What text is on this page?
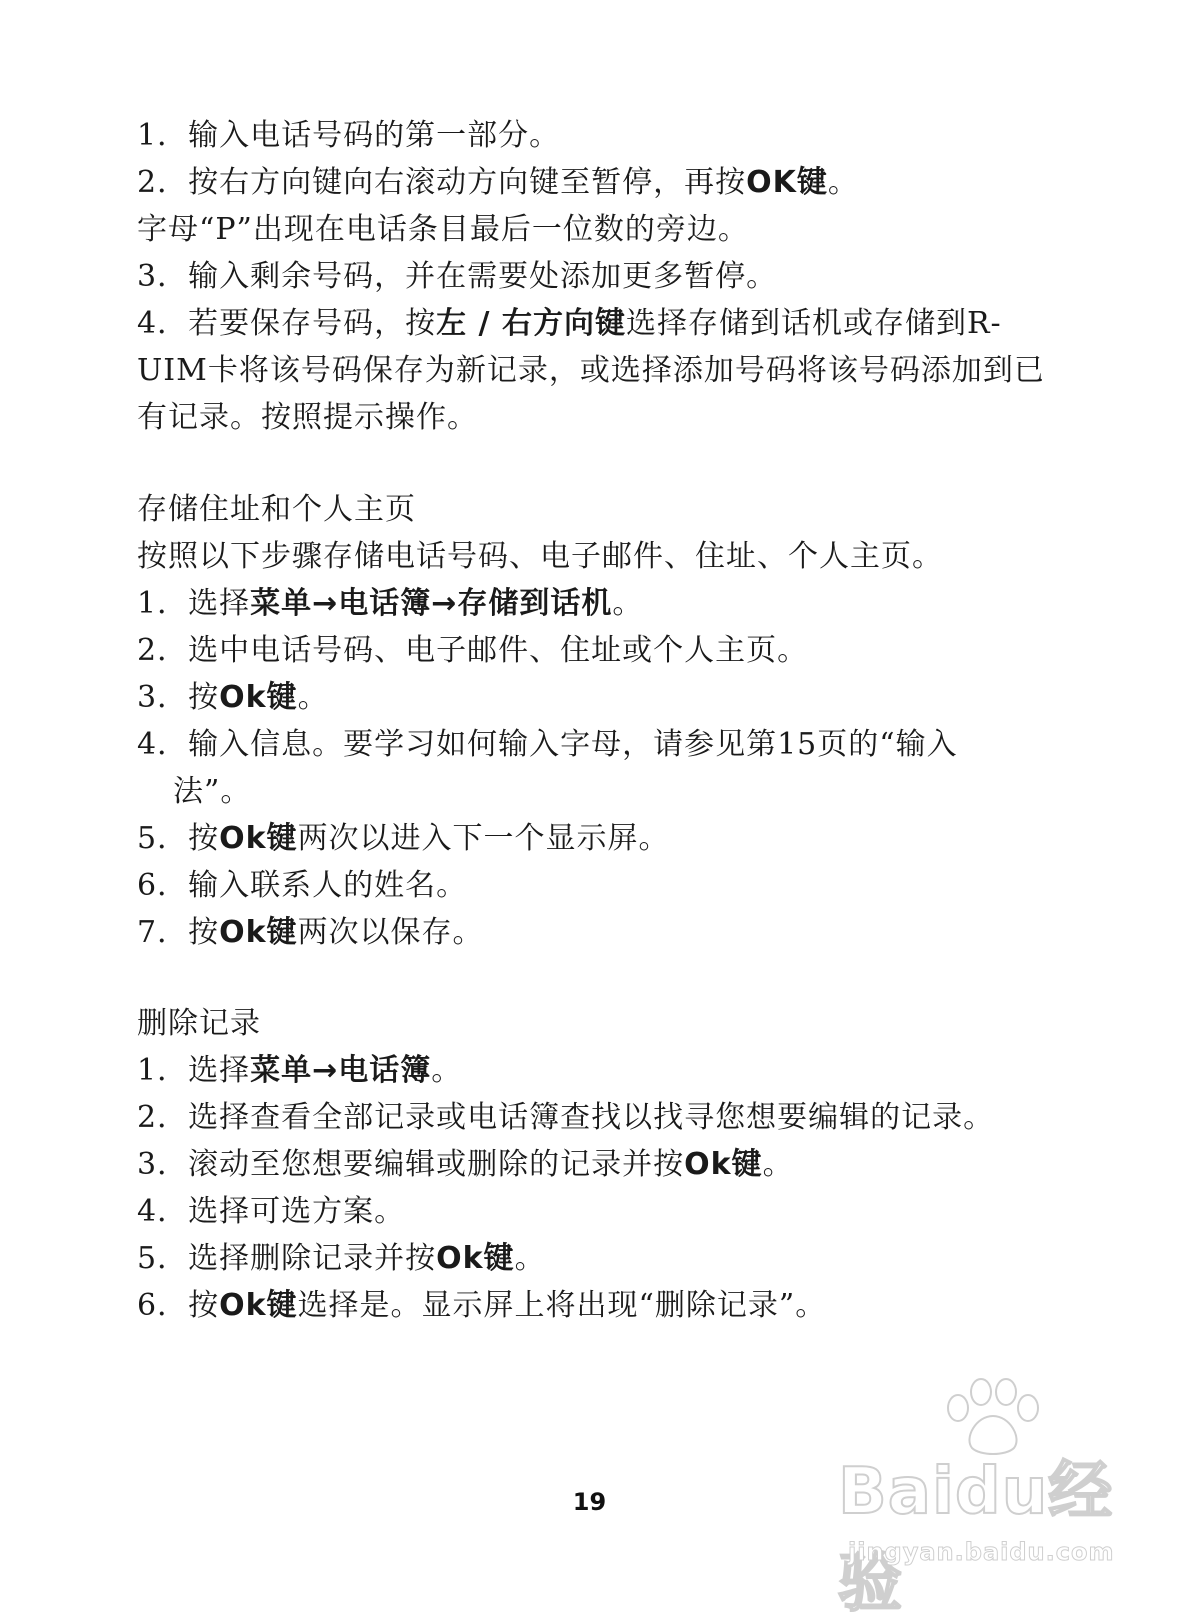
1．输入电话号码的第一部分。
2．按右方向键向右滚动方向键至暂停，再按OK键。
字母“P”出现在电话条目最后一位数的旁边。
3．输入剩余号码，并在需要处添加更多暂停。
4．若要保存号码，按左 / 右方向键选择存储到话机或存储到R-
UIM卡将该号码保存为新记录，或选择添加号码将该号码添加到已
有记录。按照提示操作。
存储住址和个人主页
按照以下步骤存储电话号码、电子邮件、住址、个人主页。
1．选择菜单→电话簿→存储到话机。
2．选中电话号码、电子邮件、住址或个人主页。
3．按Ok键。
4．输入信息。要学习如何输入字母，请参见第15页的“输入
法”。
5．按Ok键两次以进入下一个显示屏。
6．输入联系人的姓名。
7．按Ok键两次以保存。
删除记录
1．选择菜单→电话簿。
2．选择查看全部记录或电话簿查找以找寻您想要编辑的记录。
3．滚动至您想要编辑或删除的记录并按Ok键。
4．选择可选方案。
5．选择删除记录并按Ok键。
6．按Ok键选择是。显示屏上将出现“删除记录”。
19	Baidu经验
jingyan.baidu.com
